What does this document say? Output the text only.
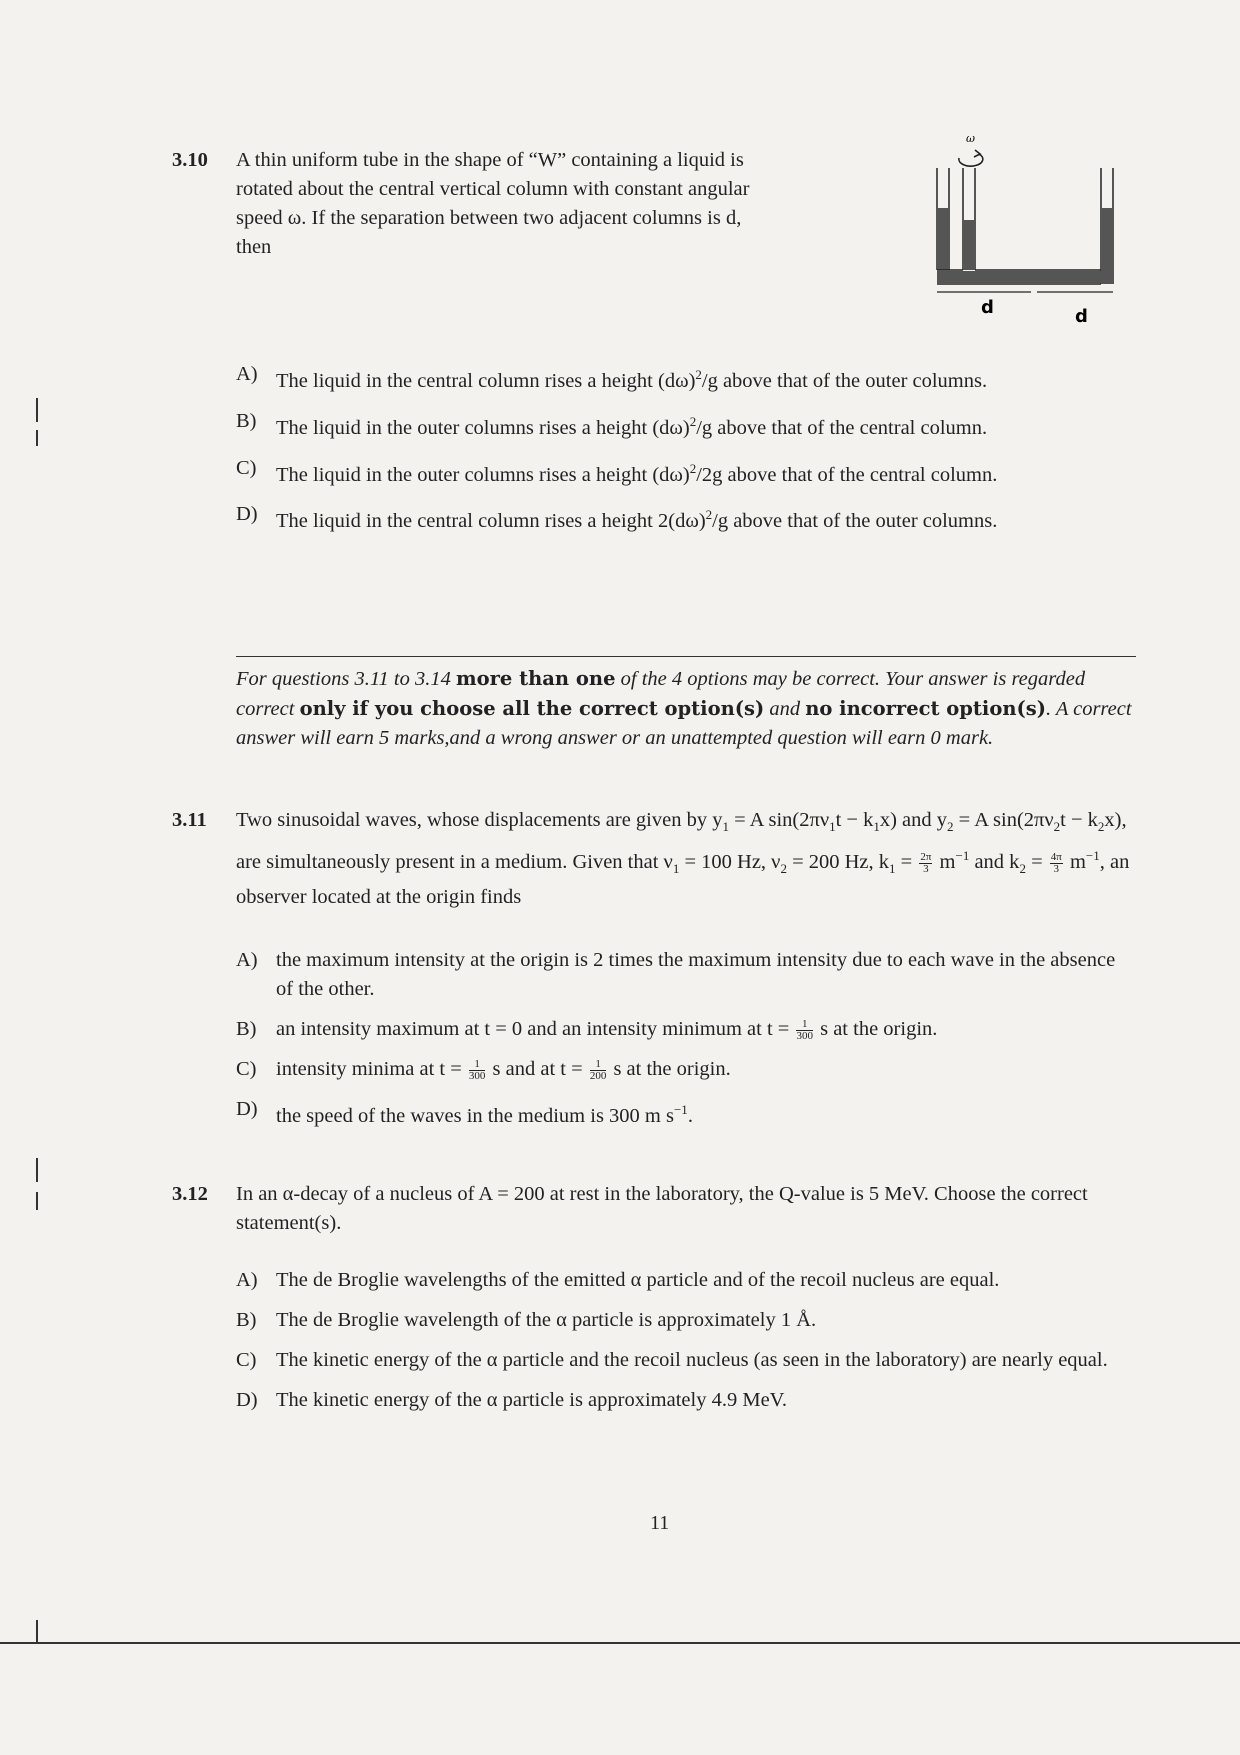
3.10 A thin uniform tube in the shape of “W” containing a liquid is rotated about the central vertical column with constant angular speed ω. If the separation between two adjacent columns is d, then
ω
d	d
A) The liquid in the central column rises a height $(d\omega)^2/g$ above that of the outer columns.
B) The liquid in the outer columns rises a height $(d\omega)^2/g$ above that of the central column.
C) The liquid in the outer columns rises a height $(d\omega)^2/2g$ above that of the central column.
D) The liquid in the central column rises a height $2(d\omega)^2/g$ above that of the outer columns.
For questions 3.11 to 3.14 more than one of the 4 options may be correct. Your answer is regarded correct only if you choose all the correct option(s) and no incorrect option(s). A correct answer will earn 5 marks,and a wrong answer or an unattempted question will earn 0 mark.
3.11 Two sinusoidal waves, whose displacements are given by $y_1 = A$ $\sin(2\pi\nu_1t - k_1x)$ and $y_2 = A$ $\sin(2\pi\nu_2t - k_2x)$, are simultaneously present in a medium. Given that $\nu_1 = 100$ Hz, $\nu_2 = 200$ Hz, $k_1 = \frac{2\pi}{3} m^{-1}$ and $k_2 = \frac{4\pi}{3} m^{-1}$, an observer located at the origin finds
A) the maximum intensity at the origin is 2 times the maximum intensity due to each wave in the absence of the other.
B) an intensity maximum at t = 0 and an intensity minimum at $t = \frac{1}{300}$ s at the origin.
C) intensity minima at $t = \frac{1}{300}$ s and at $t = \frac{1}{200}$ s at the origin.
D) the speed of the waves in the medium is 300 m $s^{-1}$.
3.12 In an α-decay of a nucleus of A = 200 at rest in the laboratory, the Q-value is 5 MeV. Choose the correct statement(s).
A) The de Broglie wavelengths of the emitted α particle and of the recoil nucleus are equal.
B) The de Broglie wavelength of the α particle is approximately 1 Å.
C) The kinetic energy of the α particle and the recoil nucleus (as seen in the laboratory) are nearly equal.
D) The kinetic energy of the α particle is approximately 4.9 MeV.
11
